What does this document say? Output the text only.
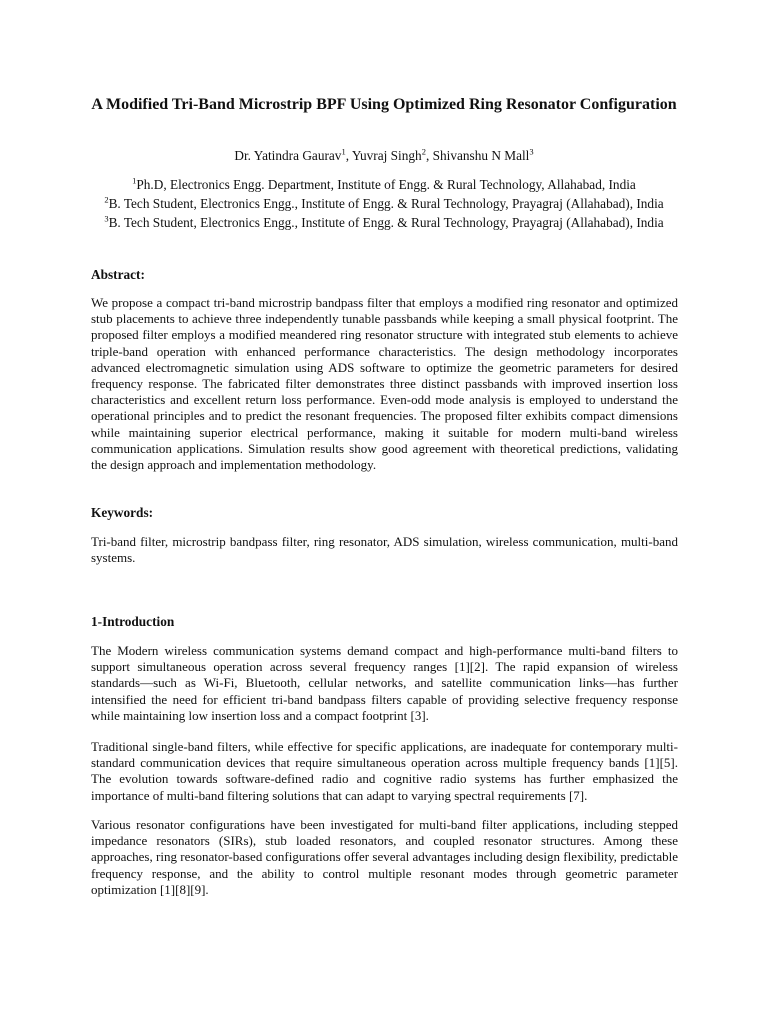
A Modified Tri-Band Microstrip BPF Using Optimized Ring Resonator Configuration
Dr. Yatindra Gaurav$^1$, Yuvraj Singh$^2$, Shivanshu N Mall$^3$
$^1$Ph.D, Electronics Engg. Department, Institute of Engg. & Rural Technology, Allahabad, India
$^2$B. Tech Student, Electronics Engg., Institute of Engg. & Rural Technology, Prayagraj (Allahabad), India
$^3$B. Tech Student, Electronics Engg., Institute of Engg. & Rural Technology, Prayagraj (Allahabad), India
Abstract:

We propose a compact tri-band microstrip bandpass filter that employs a modified ring resonator and optimized stub placements to achieve three independently tunable passbands while keeping a small physical footprint. The proposed filter employs a modified meandered ring resonator structure with integrated stub elements to achieve triple-band operation with enhanced performance characteristics. The design methodology incorporates advanced electromagnetic simulation using ADS software to optimize the geometric parameters for desired frequency response. The fabricated filter demonstrates three distinct passbands with improved insertion loss characteristics and excellent return loss performance. Even-odd mode analysis is employed to understand the operational principles and to predict the resonant frequencies. The proposed filter exhibits compact dimensions while maintaining superior electrical performance, making it suitable for modern multi-band wireless communication applications. Simulation results show good agreement with theoretical predictions, validating the design approach and implementation methodology.

Keywords:

Tri-band filter, microstrip bandpass filter, ring resonator, ADS simulation, wireless communication, multi-band systems.

1-Introduction

The Modern wireless communication systems demand compact and high-performance multi-band filters to support simultaneous operation across several frequency ranges [1][2]. The rapid expansion of wireless standards—such as Wi-Fi, Bluetooth, cellular networks, and satellite communication links—has further intensified the need for efficient tri-band bandpass filters capable of providing selective frequency response while maintaining low insertion loss and a compact footprint [3].

Traditional single-band filters, while effective for specific applications, are inadequate for contemporary multi-standard communication devices that require simultaneous operation across multiple frequency bands [1][5]. The evolution towards software-defined radio and cognitive radio systems has further emphasized the importance of multi-band filtering solutions that can adapt to varying spectral requirements [7].

Various resonator configurations have been investigated for multi-band filter applications, including stepped impedance resonators (SIRs), stub loaded resonators, and coupled resonator structures. Among these approaches, ring resonator-based configurations offer several advantages including design flexibility, predictable frequency response, and the ability to control multiple resonant modes through geometric parameter optimization [1][8][9].
